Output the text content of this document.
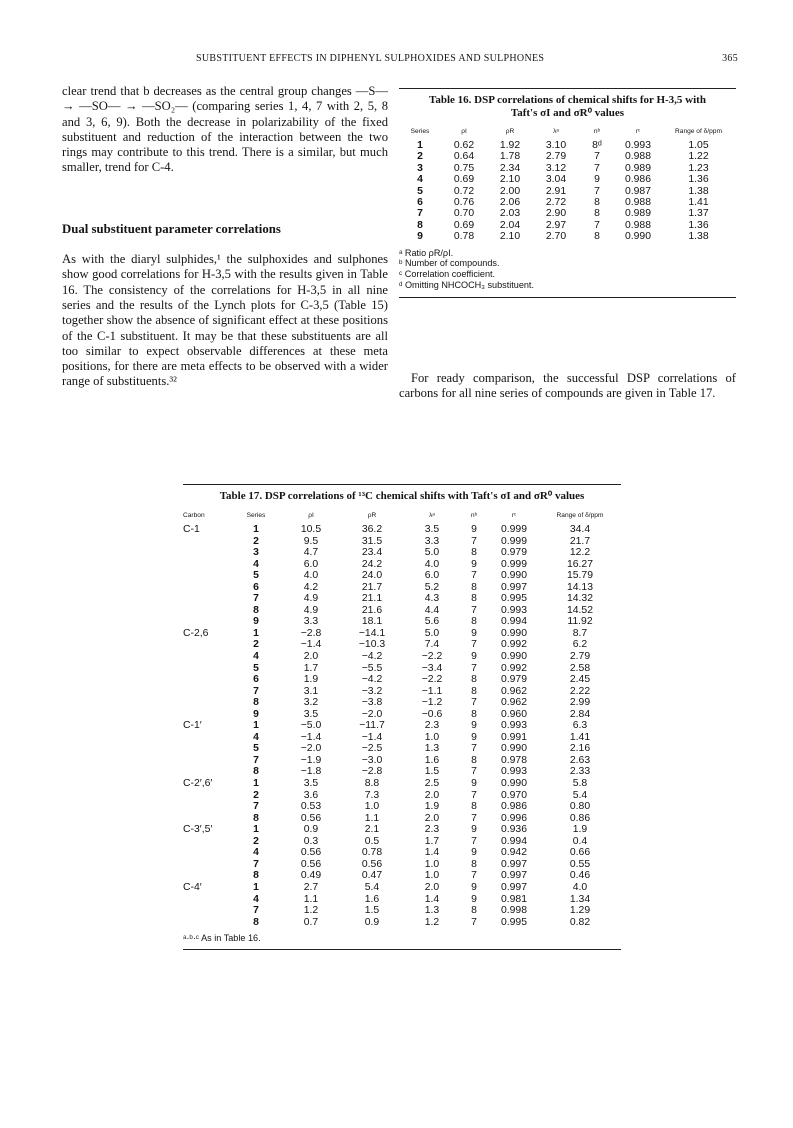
SUBSTITUENT EFFECTS IN DIPHENYL SULPHOXIDES AND SULPHONES	365

clear trend that b decreases as the central group changes —S— → —SO— → —SO₂— (comparing series 1, 4, 7 with 2, 5, 8 and 3, 6, 9). Both the decrease in polarizability of the fixed substituent and reduction of the interaction between the two rings may contribute to this trend. There is a similar, but much smaller, trend for C-4.

Dual substituent parameter correlations

As with the diaryl sulphides,¹ the sulphoxides and sulphones show good correlations for H-3,5 with the results given in Table 16. The consistency of the correlations for H-3,5 in all nine series and the results of the Lynch plots for C-3,5 (Table 15) together show the absence of significant effect at these positions of the C-1 substituent. It may be that these substituents are all too similar to expect observable differences at these meta positions, for there are meta effects to be observed with a wider range of substituents.³²

Table 16. DSP correlations of chemical shifts for H-3,5 with
Taft's σI and σR⁰ values
Series	ρI	ρR	λᵃ	nᵇ	rᶜ	Range of δ/ppm
1	0.62	1.92	3.10	8ᵈ	0.993	1.05
2	0.64	1.78	2.79	7	0.988	1.22
3	0.75	2.34	3.12	7	0.989	1.23
4	0.69	2.10	3.04	9	0.986	1.36
5	0.72	2.00	2.91	7	0.987	1.38
6	0.76	2.06	2.72	8	0.988	1.41
7	0.70	2.03	2.90	8	0.989	1.37
8	0.69	2.04	2.97	7	0.988	1.36
9	0.78	2.10	2.70	8	0.990	1.38
ᵃ Ratio ρR/ρI.
ᵇ Number of compounds.
ᶜ Correlation coefficient.
ᵈ Omitting NHCOCH₃ substituent.

For ready comparison, the successful DSP correlations of carbons for all nine series of compounds are given in Table 17.

Table 17. DSP correlations of ¹³C chemical shifts with Taft's σI and σR⁰ values
Carbon	Series	ρI	ρR	λᵃ	nᵇ	rᶜ	Range of δ/ppm
C-1	1	10.5	36.2	3.5	9	0.999	34.4
	2	9.5	31.5	3.3	7	0.999	21.7
	3	4.7	23.4	5.0	8	0.979	12.2
	4	6.0	24.2	4.0	9	0.999	16.27
	5	4.0	24.0	6.0	7	0.990	15.79
	6	4.2	21.7	5.2	8	0.997	14.13
	7	4.9	21.1	4.3	8	0.995	14.32
	8	4.9	21.6	4.4	7	0.993	14.52
	9	3.3	18.1	5.6	8	0.994	11.92
C-2,6	1	−2.8	−14.1	5.0	9	0.990	8.7
	2	−1.4	−10.3	7.4	7	0.992	6.2
	4	2.0	−4.2	−2.2	9	0.990	2.79
	5	1.7	−5.5	−3.4	7	0.992	2.58
	6	1.9	−4.2	−2.2	8	0.979	2.45
	7	3.1	−3.2	−1.1	8	0.962	2.22
	8	3.2	−3.8	−1.2	7	0.962	2.99
	9	3.5	−2.0	−0.6	8	0.960	2.84
C-1′	1	−5.0	−11.7	2.3	9	0.993	6.3
	4	−1.4	−1.4	1.0	9	0.991	1.41
	5	−2.0	−2.5	1.3	7	0.990	2.16
	7	−1.9	−3.0	1.6	8	0.978	2.63
	8	−1.8	−2.8	1.5	7	0.993	2.33
C-2′,6′	1	3.5	8.8	2.5	9	0.990	5.8
	2	3.6	7.3	2.0	7	0.970	5.4
	7	0.53	1.0	1.9	8	0.986	0.80
	8	0.56	1.1	2.0	7	0.996	0.86
C-3′,5′	1	0.9	2.1	2.3	9	0.936	1.9
	2	0.3	0.5	1.7	7	0.994	0.4
	4	0.56	0.78	1.4	9	0.942	0.66
	7	0.56	0.56	1.0	8	0.997	0.55
	8	0.49	0.47	1.0	7	0.997	0.46
C-4′	1	2.7	5.4	2.0	9	0.997	4.0
	4	1.1	1.6	1.4	9	0.981	1.34
	7	1.2	1.5	1.3	8	0.998	1.29
	8	0.7	0.9	1.2	7	0.995	0.82
ᵃ·ᵇ·ᶜ As in Table 16.
